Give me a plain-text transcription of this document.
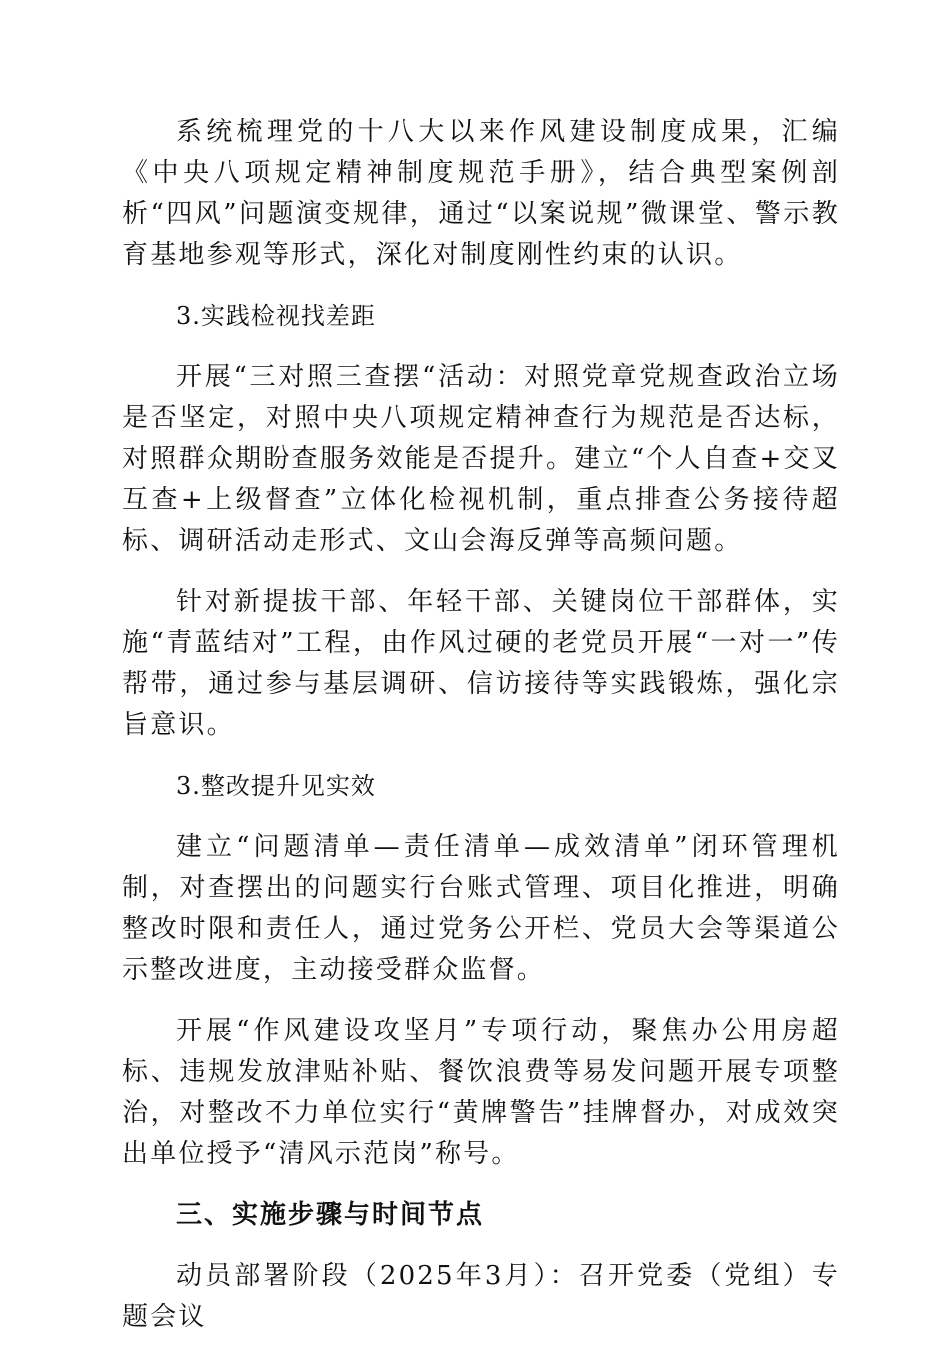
系统梳理党的十八大以来作风建设制度成果，汇编《中央八项规定精神制度规范手册》，结合典型案例剖析“四风”问题演变规律，通过“以案说规”微课堂、警示教育基地参观等形式，深化对制度刚性约束的认识。

3.实践检视找差距

开展“三对照三查摆“活动：对照党章党规查政治立场是否坚定，对照中央八项规定精神查行为规范是否达标，对照群众期盼查服务效能是否提升。建立“个人自查+交叉互查+上级督查”立体化检视机制，重点排查公务接待超标、调研活动走形式、文山会海反弹等高频问题。

针对新提拔干部、年轻干部、关键岗位干部群体，实施“青蓝结对”工程，由作风过硬的老党员开展“一对一”传帮带，通过参与基层调研、信访接待等实践锻炼，强化宗旨意识。

3.整改提升见实效

建立“问题清单—责任清单—成效清单”闭环管理机制，对查摆出的问题实行台账式管理、项目化推进，明确整改时限和责任人，通过党务公开栏、党员大会等渠道公示整改进度，主动接受群众监督。

开展“作风建设攻坚月”专项行动，聚焦办公用房超标、违规发放津贴补贴、餐饮浪费等易发问题开展专项整治，对整改不力单位实行“黄牌警告”挂牌督办，对成效突出单位授予“清风示范岗”称号。

三、实施步骤与时间节点

动员部署阶段（2025年3月）：召开党委（党组）专题会议
